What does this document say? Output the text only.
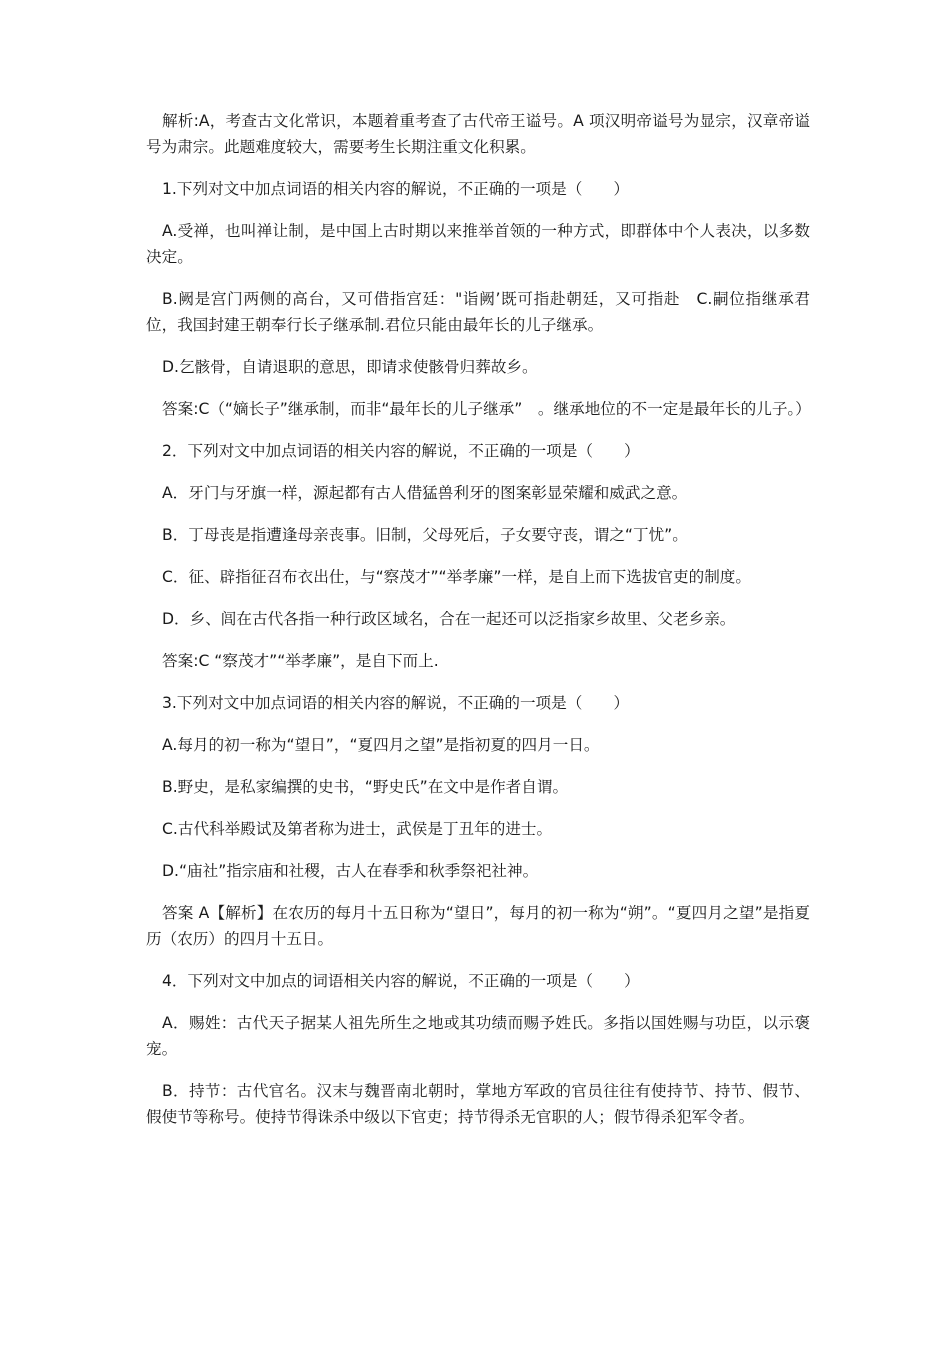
解析:A，考查古文化常识，本题着重考查了古代帝王谥号。A 项汉明帝谥号为显宗，汉章帝谥号为肃宗。此题难度较大，需要考生长期注重文化积累。

1.下列对文中加点词语的相关内容的解说，不正确的一项是（　　）

A.受禅，也叫禅让制，是中国上古时期以来推举首领的一种方式，即群体中个人表决，以多数决定。

B.阙是宫门两侧的高台，又可借指宫廷："诣阙’既可指赴朝廷，又可指赴　C.嗣位指继承君位，我国封建王朝奉行长子继承制.君位只能由最年长的儿子继承。

D.乞骸骨，自请退职的意思，即请求使骸骨归葬故乡。

答案:C（“嫡长子”继承制，而非“最年长的儿子继承”　。继承地位的不一定是最年长的儿子。）

2．下列对文中加点词语的相关内容的解说，不正确的一项是（　　）

A．牙门与牙旗一样，源起都有古人借猛兽利牙的图案彰显荣耀和威武之意。

B．丁母丧是指遭逢母亲丧事。旧制，父母死后，子女要守丧，谓之“丁忧”。

C．征、辟指征召布衣出仕，与“察茂才”“举孝廉”一样，是自上而下选拔官吏的制度。

D．乡、闾在古代各指一种行政区域名，合在一起还可以泛指家乡故里、父老乡亲。

答案:C “察茂才”“举孝廉”，是自下而上.

3.下列对文中加点词语的相关内容的解说，不正确的一项是（　　）

A.每月的初一称为“望日”，“夏四月之望”是指初夏的四月一日。

B.野史，是私家编撰的史书，“野史氏”在文中是作者自谓。

C.古代科举殿试及第者称为进士，武侯是丁丑年的进士。

D.“庙社”指宗庙和社稷，古人在春季和秋季祭祀社神。

答案 A【解析】在农历的每月十五日称为“望日”，每月的初一称为“朔”。“夏四月之望”是指夏历（农历）的四月十五日。

4．下列对文中加点的词语相关内容的解说，不正确的一项是（　　）

A．赐姓：古代天子据某人祖先所生之地或其功绩而赐予姓氏。多指以国姓赐与功臣，以示褒宠。

B．持节：古代官名。汉末与魏晋南北朝时，掌地方军政的官员往往有使持节、持节、假节、假使节等称号。使持节得诛杀中级以下官吏；持节得杀无官职的人；假节得杀犯军令者。
